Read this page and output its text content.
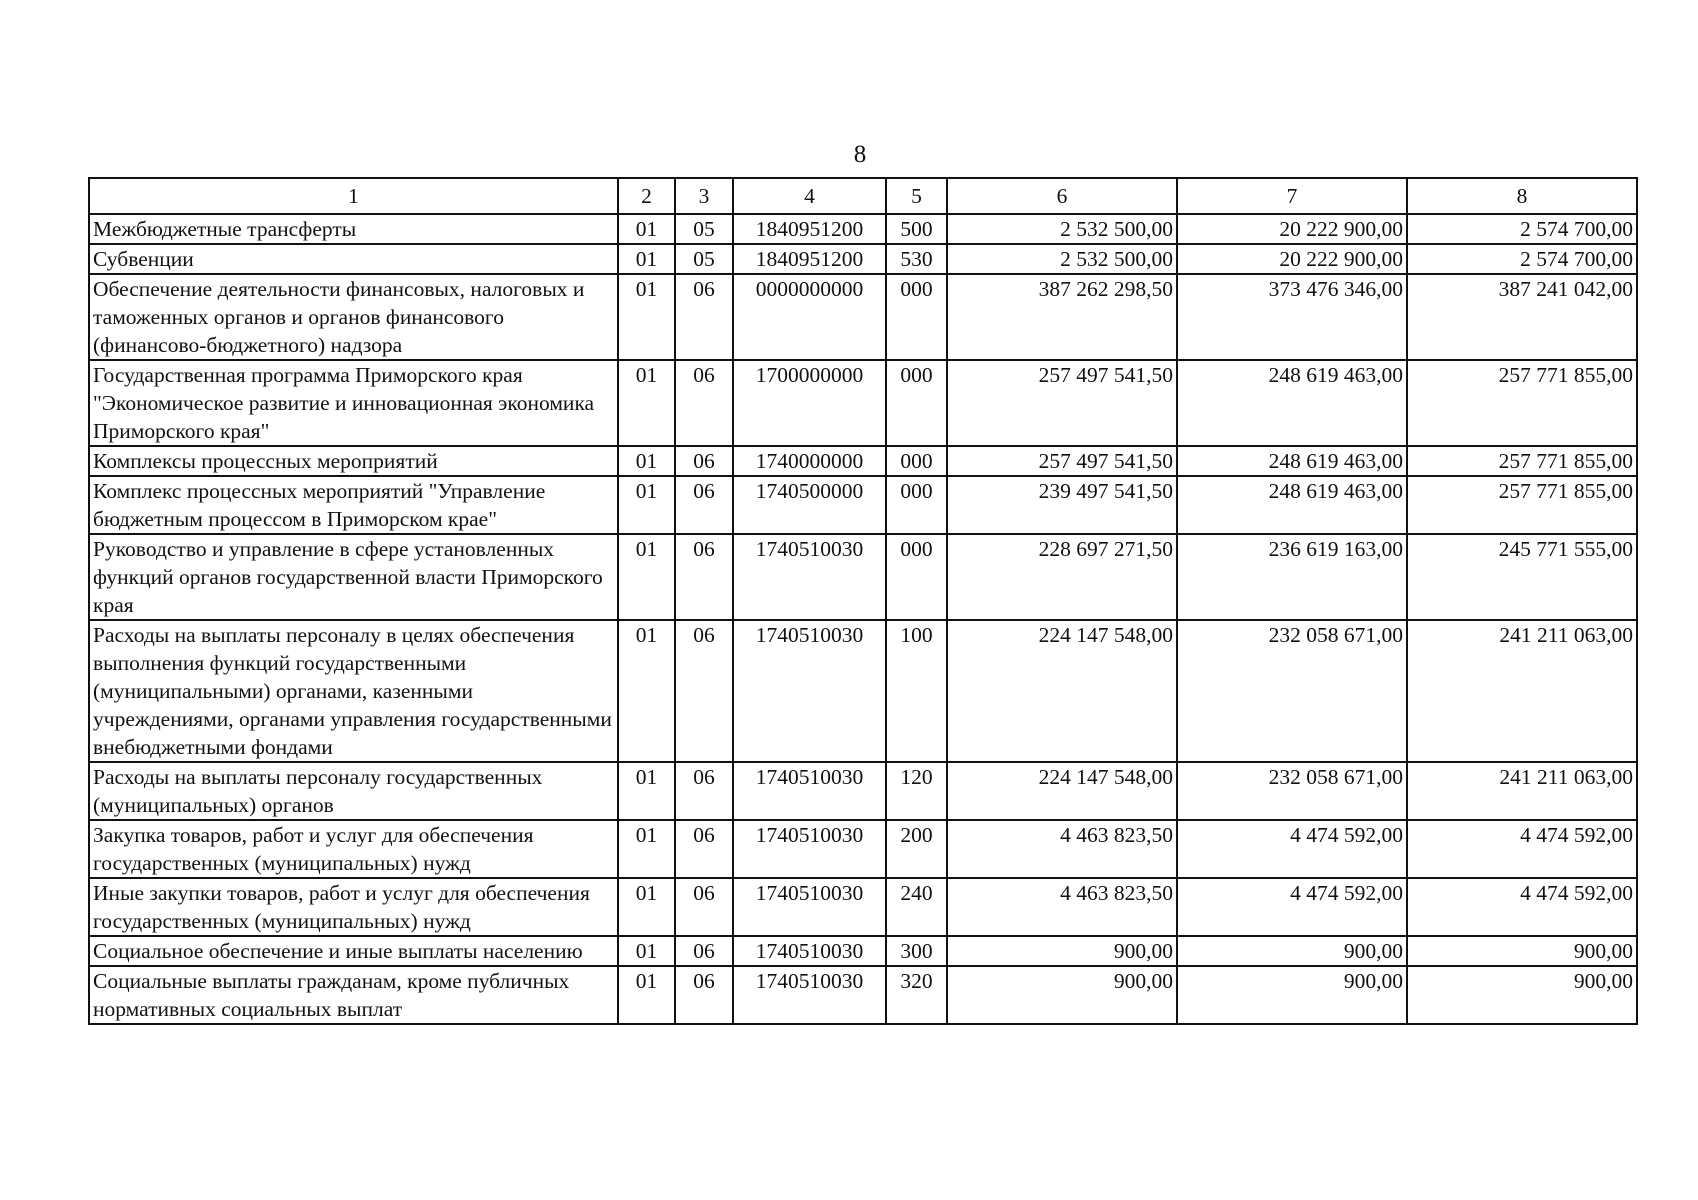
8
1	2	3	4	5	6	7	8
Межбюджетные трансферты	01	05	1840951200	500	2 532 500,00	20 222 900,00	2 574 700,00
Субвенции	01	05	1840951200	530	2 532 500,00	20 222 900,00	2 574 700,00
Обеспечение деятельности финансовых, налоговых и таможенных органов и органов финансового (финансово-бюджетного) надзора	01	06	0000000000	000	387 262 298,50	373 476 346,00	387 241 042,00
Государственная программа Приморского края "Экономическое развитие и инновационная экономика Приморского края"	01	06	1700000000	000	257 497 541,50	248 619 463,00	257 771 855,00
Комплексы процессных мероприятий	01	06	1740000000	000	257 497 541,50	248 619 463,00	257 771 855,00
Комплекс процессных мероприятий "Управление бюджетным процессом в Приморском крае"	01	06	1740500000	000	239 497 541,50	248 619 463,00	257 771 855,00
Руководство и управление в сфере установленных функций органов государственной власти Приморского края	01	06	1740510030	000	228 697 271,50	236 619 163,00	245 771 555,00
Расходы на выплаты персоналу в целях обеспечения выполнения функций государственными (муниципальными) органами, казенными учреждениями, органами управления государственными внебюджетными фондами	01	06	1740510030	100	224 147 548,00	232 058 671,00	241 211 063,00
Расходы на выплаты персоналу государственных (муниципальных) органов	01	06	1740510030	120	224 147 548,00	232 058 671,00	241 211 063,00
Закупка товаров, работ и услуг для обеспечения государственных (муниципальных) нужд	01	06	1740510030	200	4 463 823,50	4 474 592,00	4 474 592,00
Иные закупки товаров, работ и услуг для обеспечения государственных (муниципальных) нужд	01	06	1740510030	240	4 463 823,50	4 474 592,00	4 474 592,00
Социальное обеспечение и иные выплаты населению	01	06	1740510030	300	900,00	900,00	900,00
Социальные выплаты гражданам, кроме публичных нормативных социальных выплат	01	06	1740510030	320	900,00	900,00	900,00
